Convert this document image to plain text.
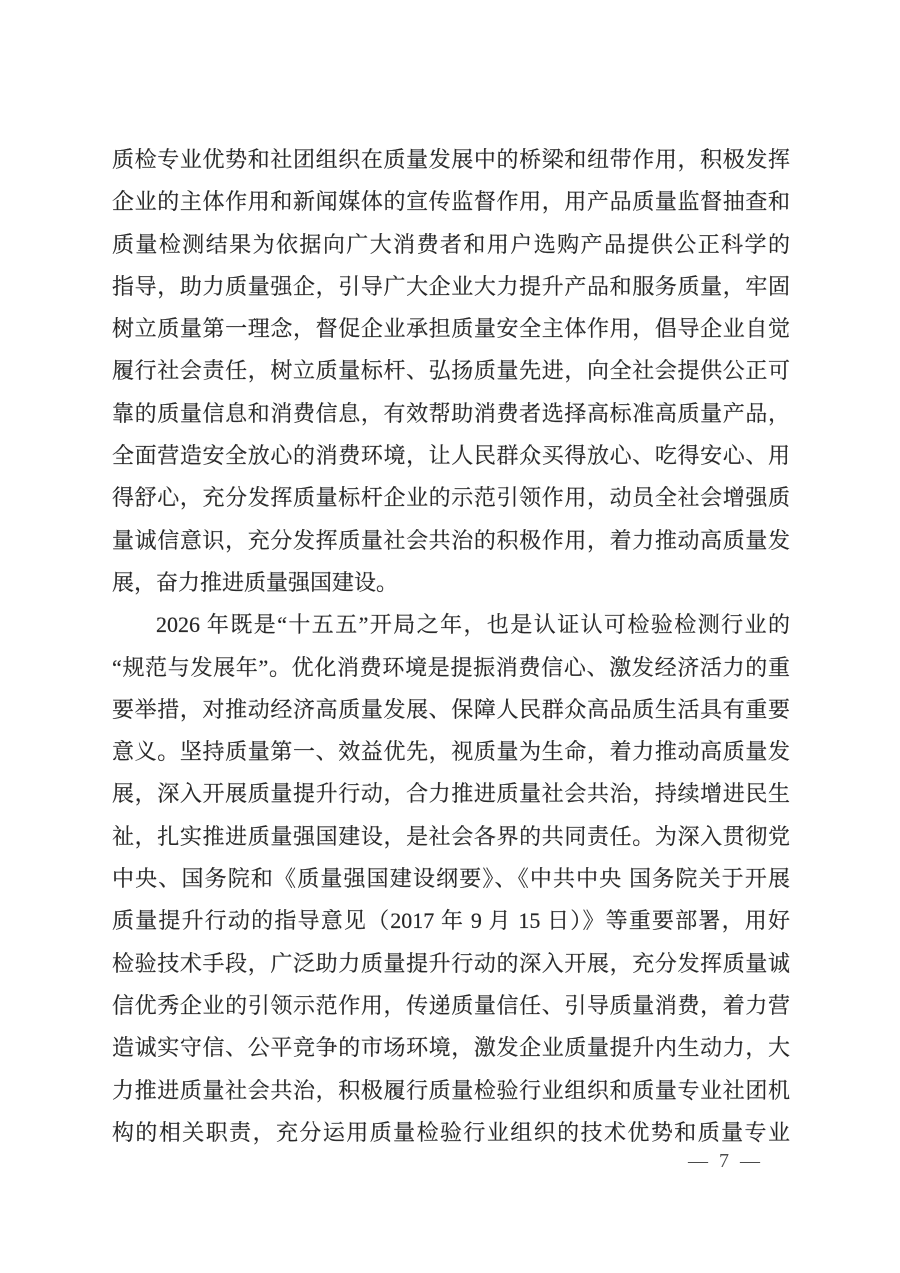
质检专业优势和社团组织在质量发展中的桥梁和纽带作用，积极发挥
企业的主体作用和新闻媒体的宣传监督作用，用产品质量监督抽查和
质量检测结果为依据向广大消费者和用户选购产品提供公正科学的
指导，助力质量强企，引导广大企业大力提升产品和服务质量，牢固
树立质量第一理念，督促企业承担质量安全主体作用，倡导企业自觉
履行社会责任，树立质量标杆、弘扬质量先进，向全社会提供公正可
靠的质量信息和消费信息，有效帮助消费者选择高标准高质量产品，
全面营造安全放心的消费环境，让人民群众买得放心、吃得安心、用
得舒心，充分发挥质量标杆企业的示范引领作用，动员全社会增强质
量诚信意识，充分发挥质量社会共治的积极作用，着力推动高质量发
展，奋力推进质量强国建设。
2026 年既是“十五五”开局之年，也是认证认可检验检测行业的
“规范与发展年”。优化消费环境是提振消费信心、激发经济活力的重
要举措，对推动经济高质量发展、保障人民群众高品质生活具有重要
意义。坚持质量第一、效益优先，视质量为生命，着力推动高质量发
展，深入开展质量提升行动，合力推进质量社会共治，持续增进民生
祉，扎实推进质量强国建设，是社会各界的共同责任。为深入贯彻党
中央、国务院和《质量强国建设纲要》、《中共中央 国务院关于开展
质量提升行动的指导意见（2017 年 9 月 15 日）》等重要部署，用好
检验技术手段，广泛助力质量提升行动的深入开展，充分发挥质量诚
信优秀企业的引领示范作用，传递质量信任、引导质量消费，着力营
造诚实守信、公平竞争的市场环境，激发企业质量提升内生动力，大
力推进质量社会共治，积极履行质量检验行业组织和质量专业社团机
构的相关职责，充分运用质量检验行业组织的技术优势和质量专业
— 7 —
